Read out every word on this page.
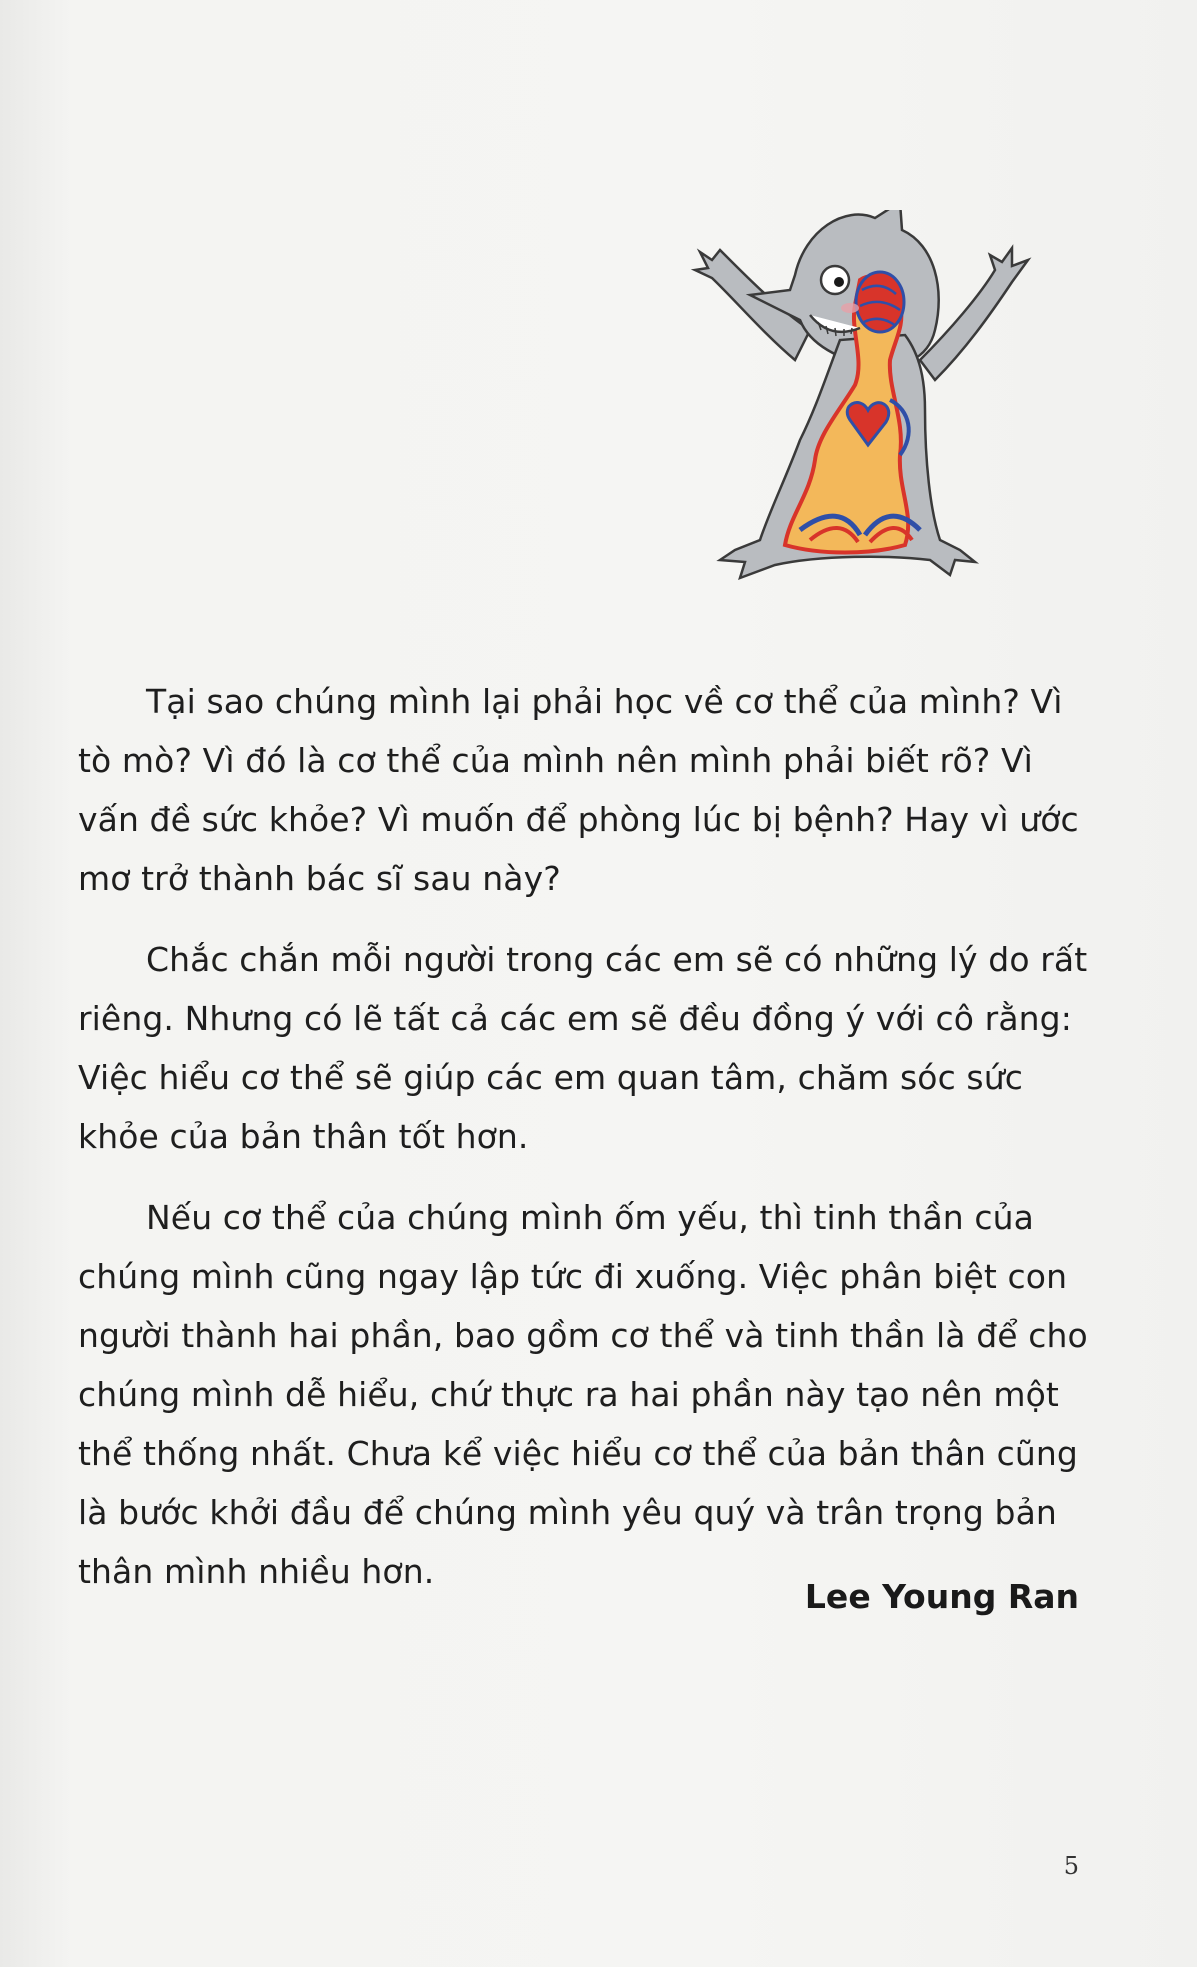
Tại sao chúng mình lại phải học về cơ thể của mình? Vì tò mò? Vì đó là cơ thể của mình nên mình phải biết rõ? Vì vấn đề sức khỏe? Vì muốn để phòng lúc bị bệnh? Hay vì ước mơ trở thành bác sĩ sau này?

Chắc chắn mỗi người trong các em sẽ có những lý do rất riêng. Nhưng có lẽ tất cả các em sẽ đều đồng ý với cô rằng: Việc hiểu cơ thể sẽ giúp các em quan tâm, chăm sóc sức khỏe của bản thân tốt hơn.

Nếu cơ thể của chúng mình ốm yếu, thì tinh thần của chúng mình cũng ngay lập tức đi xuống. Việc phân biệt con người thành hai phần, bao gồm cơ thể và tinh thần là để cho chúng mình dễ hiểu, chứ thực ra hai phần này tạo nên một thể thống nhất. Chưa kể việc hiểu cơ thể của bản thân cũng là bước khởi đầu để chúng mình yêu quý và trân trọng bản thân mình nhiều hơn.

Lee Young Ran
5
